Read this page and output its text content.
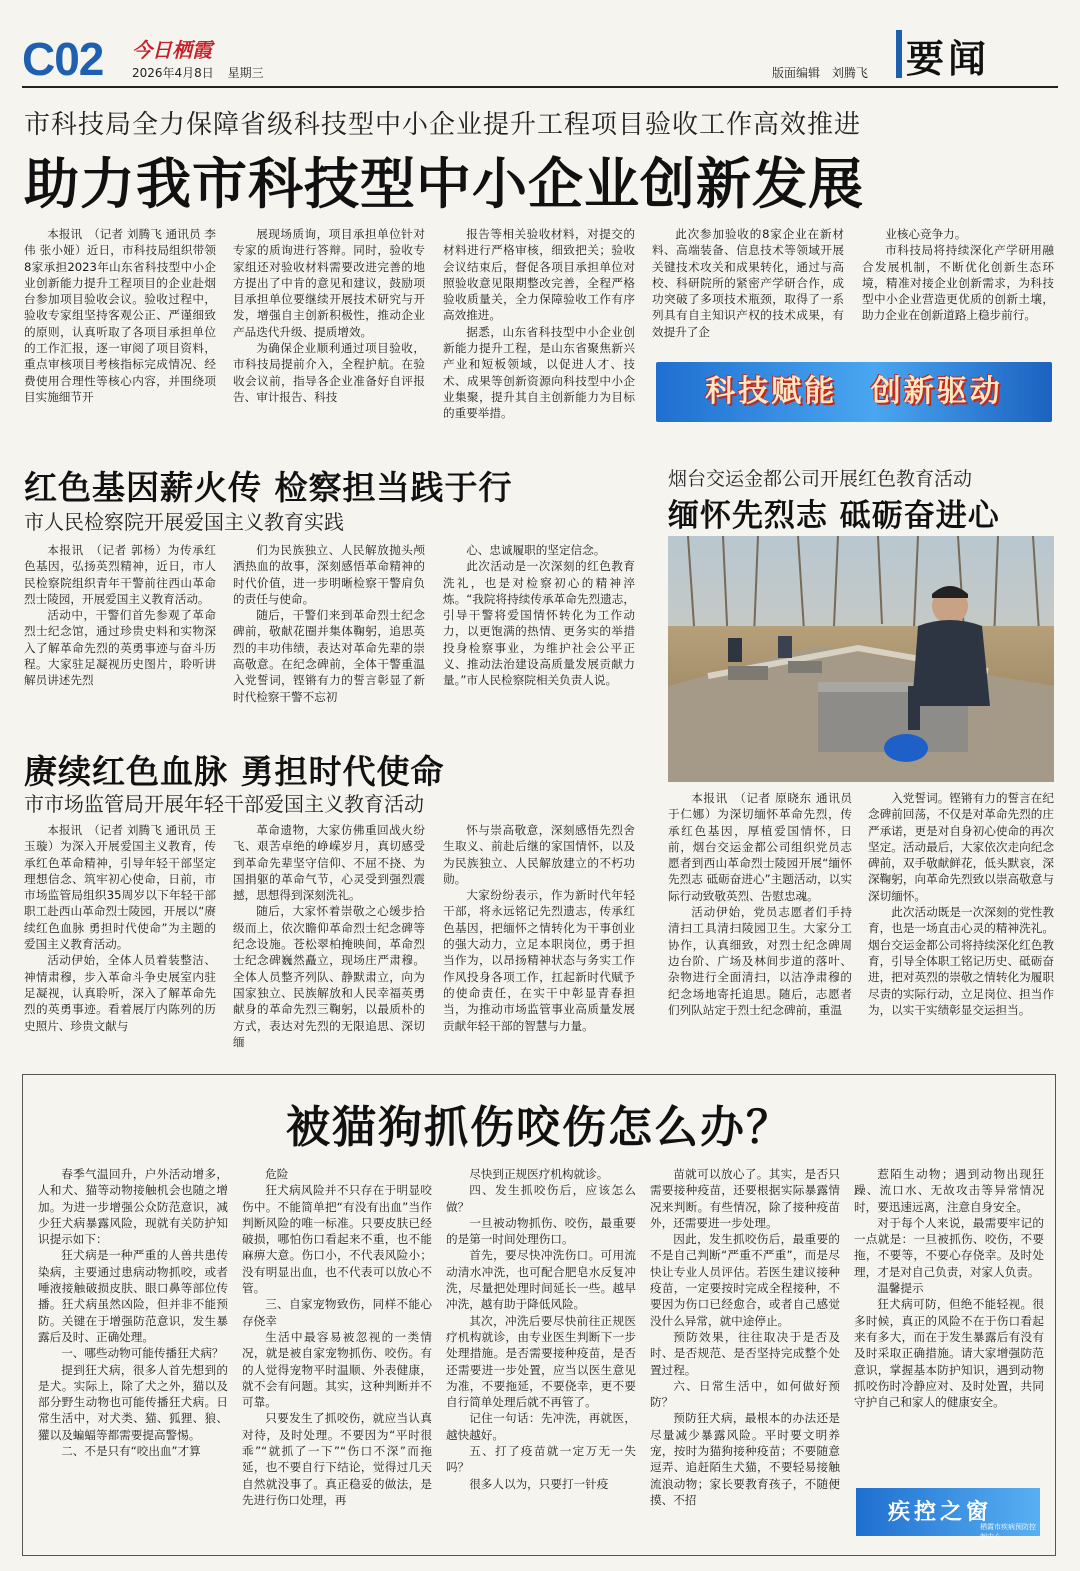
C02 今日栖霞
2026年4月8日 星期三	版面编辑 刘腾飞 要闻
市科技局全力保障省级科技型中小企业提升工程项目验收工作高效推进
助力我市科技型中小企业创新发展

本报讯　（记者 刘腾飞 通讯员 李伟 张小娅）近日，市科技局组织带领8家承担2023年山东省科技型中小企业创新能力提升工程项目的企业赴烟台参加项目验收会议。验收过程中，验收专家组坚持客观公正、严谨细致的原则，认真听取了各项目承担单位的工作汇报，逐一审阅了项目资料，重点审核项目考核指标完成情况、经费使用合理性等核心内容，并围绕项目实施细节开

展现场质询，项目承担单位针对专家的质询进行答辩。同时，验收专家组还对验收材料需要改进完善的地方提出了中肯的意见和建议，鼓励项目承担单位要继续开展技术研究与开发，增强自主创新积极性，推动企业产品迭代升级、提质增效。

为确保企业顺利通过项目验收，市科技局提前介入，全程护航。在验收会议前，指导各企业准备好自评报告、审计报告、科技

报告等相关验收材料，对提交的材料进行严格审核，细致把关；验收会议结束后，督促各项目承担单位对照验收意见限期整改完善，全程严格验收质量关，全力保障验收工作有序高效推进。

据悉，山东省科技型中小企业创新能力提升工程，是山东省聚焦新兴产业和短板领域，以促进人才、技术、成果等创新资源向科技型中小企业集聚，提升其自主创新能力为目标的重要举措。

此次参加验收的8家企业在新材料、高端装备、信息技术等领域开展关键技术攻关和成果转化，通过与高校、科研院所的紧密产学研合作，成功突破了多项技术瓶颈，取得了一系列具有自主知识产权的技术成果，有效提升了企

业核心竞争力。

市科技局将持续深化产学研用融合发展机制，不断优化创新生态环境，精准对接企业创新需求，为科技型中小企业营造更优质的创新土壤，助力企业在创新道路上稳步前行。

科技赋能 创新驱动
红色基因薪火传 检察担当践于行
市人民检察院开展爱国主义教育实践

本报讯　（记者 郭杨）为传承红色基因，弘扬英烈精神，近日，市人民检察院组织青年干警前往西山革命烈士陵园，开展爱国主义教育活动。

活动中，干警们首先参观了革命烈士纪念馆，通过珍贵史料和实物深入了解革命先烈的英勇事迹与奋斗历程。大家驻足凝视历史图片，聆听讲解员讲述先烈

们为民族独立、人民解放抛头颅洒热血的故事，深刻感悟革命精神的时代价值，进一步明晰检察干警肩负的责任与使命。

随后，干警们来到革命烈士纪念碑前，敬献花圈并集体鞠躬，追思英烈的丰功伟绩，表达对革命先辈的崇高敬意。在纪念碑前，全体干警重温入党誓词，铿锵有力的誓言彰显了新时代检察干警不忘初

心、忠诚履职的坚定信念。

此次活动是一次深刻的红色教育洗礼，也是对检察初心的精神淬炼。“我院将持续传承革命先烈遗志，引导干警将爱国情怀转化为工作动力，以更饱满的热情、更务实的举措投身检察事业，为维护社会公平正义、推动法治建设高质量发展贡献力量。”市人民检察院相关负责人说。

烟台交运金都公司开展红色教育活动
缅怀先烈志 砥砺奋进心

本报讯　（记者 原晓东 通讯员 于仁娜）为深切缅怀革命先烈，传承红色基因，厚植爱国情怀，日前，烟台交运金都公司组织党员志愿者到西山革命烈士陵园开展“缅怀先烈志 砥砺奋进心”主题活动，以实际行动致敬英烈、告慰忠魂。

活动伊始，党员志愿者们手持清扫工具清扫陵园卫生。大家分工协作，认真细致，对烈士纪念碑周边台阶、广场及林间步道的落叶、杂物进行全面清扫，以洁净肃穆的纪念场地寄托追思。随后，志愿者们列队站定于烈士纪念碑前，重温

入党誓词。铿锵有力的誓言在纪念碑前回荡，不仅是对革命先烈的庄严承诺，更是对自身初心使命的再次坚定。活动最后，大家依次走向纪念碑前，双手敬献鲜花，低头默哀，深深鞠躬，向革命先烈致以崇高敬意与深切缅怀。

此次活动既是一次深刻的党性教育，也是一场直击心灵的精神洗礼。烟台交运金都公司将持续深化红色教育，引导全体职工铭记历史、砥砺奋进，把对英烈的崇敬之情转化为履职尽责的实际行动，立足岗位、担当作为，以实干实绩彰显交运担当。

赓续红色血脉 勇担时代使命
市市场监管局开展年轻干部爱国主义教育活动

本报讯　（记者 刘腾飞 通讯员 王玉璇）为深入开展爱国主义教育，传承红色革命精神，引导年轻干部坚定理想信念、筑牢初心使命，日前，市市场监管局组织35周岁以下年轻干部职工赴西山革命烈士陵园，开展以“赓续红色血脉 勇担时代使命”为主题的爱国主义教育活动。

活动伊始，全体人员着装整洁、神情肃穆，步入革命斗争史展室内驻足凝视，认真聆听，深入了解革命先烈的英勇事迹。看着展厅内陈列的历史照片、珍贵文献与

革命遗物，大家仿佛重回战火纷飞、艰苦卓绝的峥嵘岁月，真切感受到革命先辈坚守信仰、不屈不挠、为国捐躯的革命气节，心灵受到强烈震撼，思想得到深刻洗礼。

随后，大家怀着崇敬之心缓步拾级而上，依次瞻仰革命烈士纪念碑等纪念设施。苍松翠柏掩映间，革命烈士纪念碑巍然矗立，现场庄严肃穆。全体人员整齐列队、静默肃立，向为国家独立、民族解放和人民幸福英勇献身的革命先烈三鞠躬，以最质朴的方式，表达对先烈的无限追思、深切缅

怀与崇高敬意，深刻感悟先烈舍生取义、前赴后继的家国情怀，以及为民族独立、人民解放建立的不朽功勋。

大家纷纷表示，作为新时代年轻干部，将永远铭记先烈遗志，传承红色基因，把缅怀之情转化为干事创业的强大动力，立足本职岗位，勇于担当作为，以昂扬精神状态与务实工作作风投身各项工作，扛起新时代赋予的使命责任，在实干中彰显青春担当，为推动市场监管事业高质量发展贡献年轻干部的智慧与力量。

被猫狗抓伤咬伤怎么办？

春季气温回升，户外活动增多，人和犬、猫等动物接触机会也随之增加。为进一步增强公众防范意识，减少狂犬病暴露风险，现就有关防护知识提示如下：

狂犬病是一种严重的人兽共患传染病，主要通过患病动物抓咬，或者唾液接触破损皮肤、眼口鼻等部位传播。狂犬病虽然凶险，但并非不能预防。关键在于增强防范意识，发生暴露后及时、正确处理。

一、哪些动物可能传播狂犬病？

提到狂犬病，很多人首先想到的是犬。实际上，除了犬之外，猫以及部分野生动物也可能传播狂犬病。日常生活中，对犬类、猫、狐狸、狼、獾以及蝙蝠等都需要提高警惕。

二、不是只有“咬出血”才算

危险

狂犬病风险并不只存在于明显咬伤中。不能简单把“有没有出血”当作判断风险的唯一标准。只要皮肤已经破损，哪怕伤口看起来不重，也不能麻痹大意。伤口小，不代表风险小；没有明显出血，也不代表可以放心不管。

三、自家宠物致伤，同样不能心存侥幸

生活中最容易被忽视的一类情况，就是被自家宠物抓伤、咬伤。有的人觉得宠物平时温顺、外表健康，就不会有问题。其实，这种判断并不可靠。

只要发生了抓咬伤，就应当认真对待，及时处理。不要因为“平时很乖”“就抓了一下”“伤口不深”而拖延，也不要自行下结论，觉得过几天自然就没事了。真正稳妥的做法，是先进行伤口处理，再

尽快到正规医疗机构就诊。

四、发生抓咬伤后，应该怎么做？

一旦被动物抓伤、咬伤，最重要的是第一时间处理伤口。

首先，要尽快冲洗伤口。可用流动清水冲洗，也可配合肥皂水反复冲洗，尽量把处理时间延长一些。越早冲洗，越有助于降低风险。

其次，冲洗后要尽快前往正规医疗机构就诊，由专业医生判断下一步处理措施。是否需要接种疫苗，是否还需要进一步处置，应当以医生意见为准，不要拖延，不要侥幸，更不要自行简单处理后就不再管了。

记住一句话：先冲洗，再就医，越快越好。

五、打了疫苗就一定万无一失吗？

很多人以为，只要打一针疫

苗就可以放心了。其实，是否只需要接种疫苗，还要根据实际暴露情况来判断。有些情况，除了接种疫苗外，还需要进一步处理。

因此，发生抓咬伤后，最重要的不是自己判断“严重不严重”，而是尽快让专业人员评估。若医生建议接种疫苗，一定要按时完成全程接种，不要因为伤口已经愈合，或者自己感觉没什么异常，就中途停止。

预防效果，往往取决于是否及时、是否规范、是否坚持完成整个处置过程。

六、日常生活中，如何做好预防？

预防狂犬病，最根本的办法还是尽量减少暴露风险。平时要文明养宠，按时为猫狗接种疫苗；不要随意逗弄、追赶陌生犬猫，不要轻易接触流浪动物；家长要教育孩子，不随便摸、不招

惹陌生动物；遇到动物出现狂躁、流口水、无故攻击等异常情况时，要迅速远离，注意自身安全。

对于每个人来说，最需要牢记的一点就是：一旦被抓伤、咬伤，不要拖，不要等，不要心存侥幸。及时处理，才是对自己负责，对家人负责。

温馨提示

狂犬病可防，但绝不能轻视。很多时候，真正的风险不在于伤口看起来有多大，而在于发生暴露后有没有及时采取正确措施。请大家增强防范意识，掌握基本防护知识，遇到动物抓咬伤时冷静应对、及时处置，共同守护自己和家人的健康安全。

疾控之窗
栖霞市疾病预防控制中心
